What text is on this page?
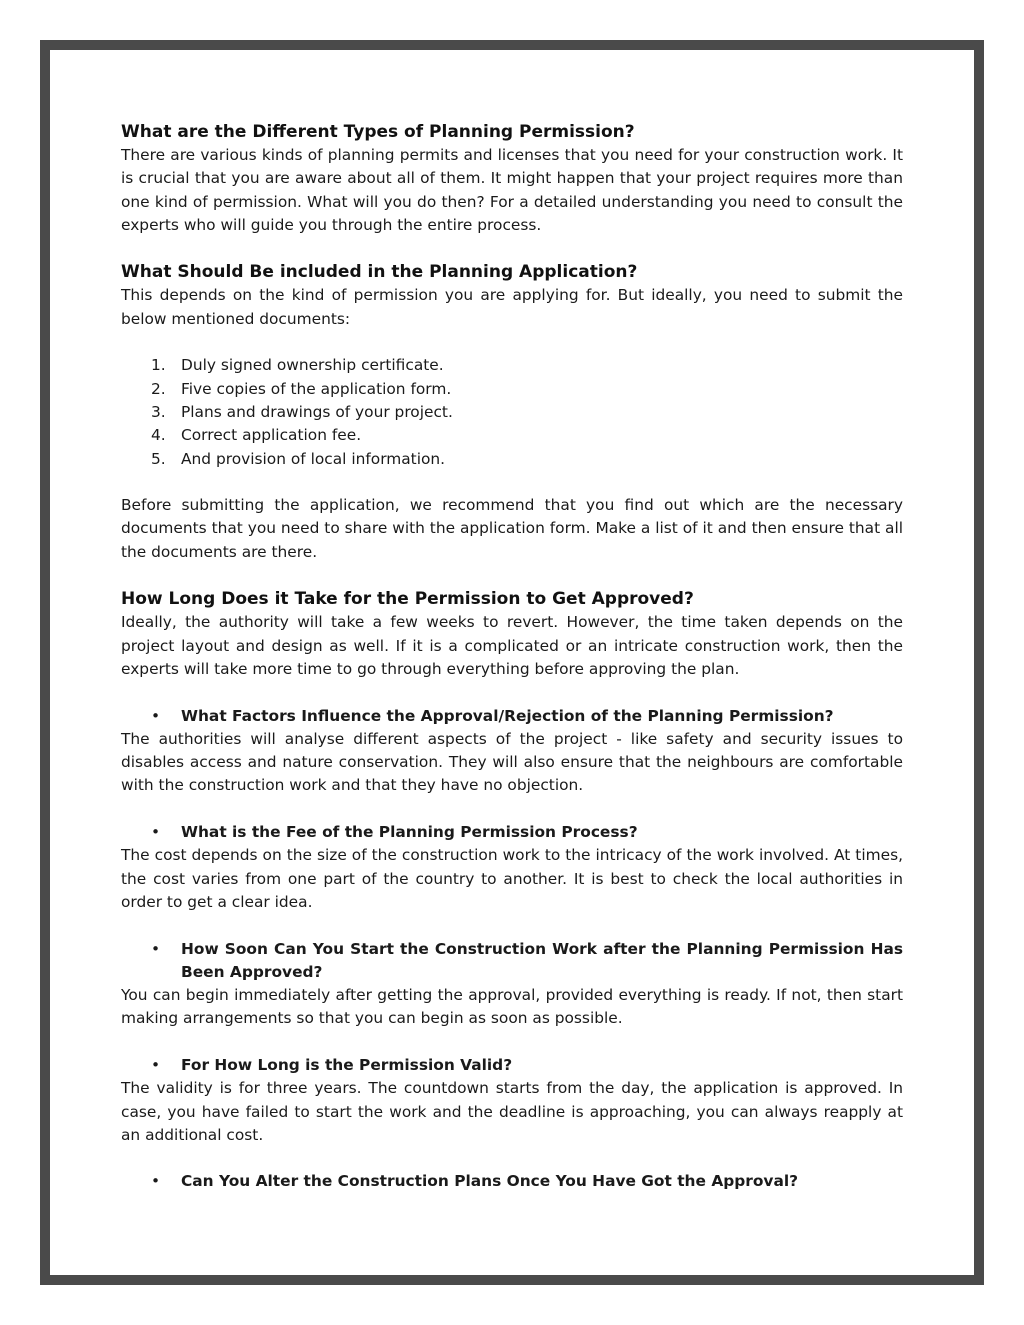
What are the Different Types of Planning Permission?

There are various kinds of planning permits and licenses that you need for your construction work. It is crucial that you are aware about all of them. It might happen that your project requires more than one kind of permission. What will you do then? For a detailed understanding you need to consult the experts who will guide you through the entire process.

What Should Be included in the Planning Application?

This depends on the kind of permission you are applying for. But ideally, you need to submit the below mentioned documents:

1. Duly signed ownership certificate.
2. Five copies of the application form.
3. Plans and drawings of your project.
4. Correct application fee.
5. And provision of local information.

Before submitting the application, we recommend that you find out which are the necessary documents that you need to share with the application form. Make a list of it and then ensure that all the documents are there.

How Long Does it Take for the Permission to Get Approved?

Ideally, the authority will take a few weeks to revert. However, the time taken depends on the project layout and design as well. If it is a complicated or an intricate construction work, then the experts will take more time to go through everything before approving the plan.

• What Factors Influence the Approval/Rejection of the Planning Permission?

The authorities will analyse different aspects of the project - like safety and security issues to disables access and nature conservation. They will also ensure that the neighbours are comfortable with the construction work and that they have no objection.

• What is the Fee of the Planning Permission Process?

The cost depends on the size of the construction work to the intricacy of the work involved. At times, the cost varies from one part of the country to another. It is best to check the local authorities in order to get a clear idea.

• How Soon Can You Start the Construction Work after the Planning Permission Has Been Approved?

You can begin immediately after getting the approval, provided everything is ready. If not, then start making arrangements so that you can begin as soon as possible.

• For How Long is the Permission Valid?

The validity is for three years. The countdown starts from the day, the application is approved. In case, you have failed to start the work and the deadline is approaching, you can always reapply at an additional cost.

• Can You Alter the Construction Plans Once You Have Got the Approval?
